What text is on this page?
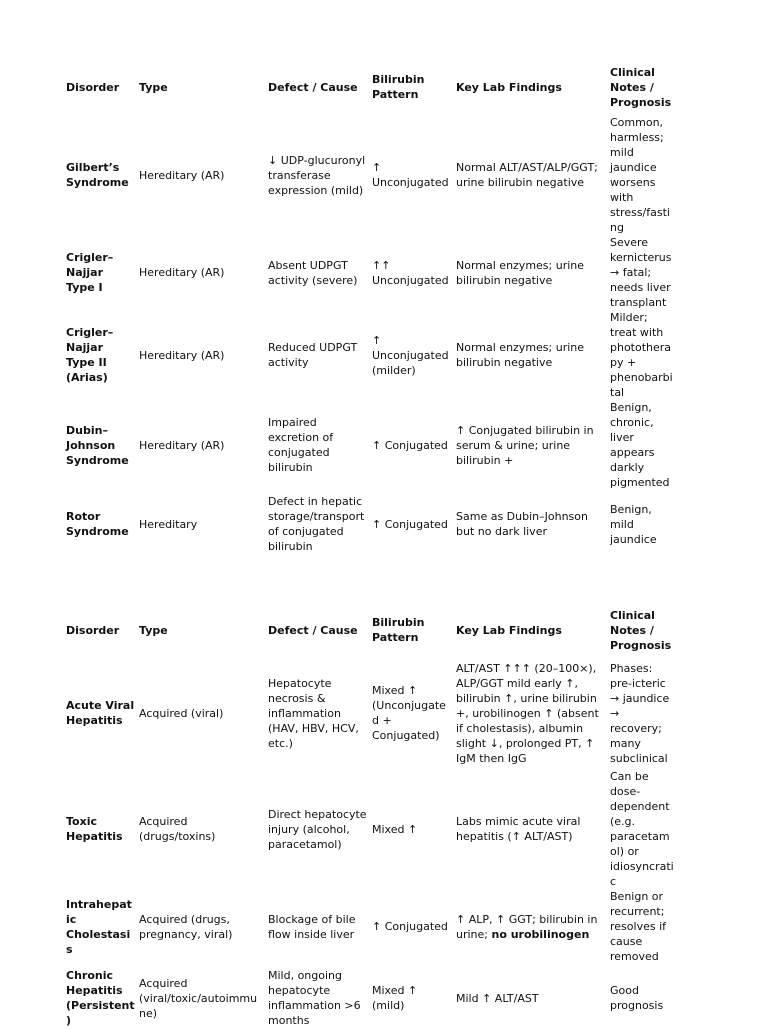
Disorder	Type	Defect / Cause	Bilirubin Pattern	Key Lab Findings	Clinical Notes / Prognosis
Gilbert’s Syndrome	Hereditary (AR)	↓ UDP-glucuronyl transferase expression (mild)	↑ Unconjugated	Normal ALT/AST/ALP/GGT; urine bilirubin negative	Common, harmless; mild jaundice worsens with stress/fasting
Crigler–Najjar Type I	Hereditary (AR)	Absent UDPGT activity (severe)	↑↑ Unconjugated	Normal enzymes; urine bilirubin negative	Severe kernicterus → fatal; needs liver transplant
Crigler–Najjar Type II (Arias)	Hereditary (AR)	Reduced UDPGT activity	↑ Unconjugated (milder)	Normal enzymes; urine bilirubin negative	Milder; treat with phototherapy + phenobarbital
Dubin–Johnson Syndrome	Hereditary (AR)	Impaired excretion of conjugated bilirubin	↑ Conjugated	↑ Conjugated bilirubin in serum & urine; urine bilirubin +	Benign, chronic, liver appears darkly pigmented
Rotor Syndrome	Hereditary	Defect in hepatic storage/transport of conjugated bilirubin	↑ Conjugated	Same as Dubin–Johnson but no dark liver	Benign, mild jaundice
Disorder	Type	Defect / Cause	Bilirubin Pattern	Key Lab Findings	Clinical Notes / Prognosis
Acute Viral Hepatitis	Acquired (viral)	Hepatocyte necrosis & inflammation (HAV, HBV, HCV, etc.)	Mixed ↑ (Unconjugated + Conjugated)	ALT/AST ↑↑↑ (20–100×), ALP/GGT mild early ↑, bilirubin ↑, urine bilirubin +, urobilinogen ↑ (absent if cholestasis), albumin slight ↓, prolonged PT, ↑ IgM then IgG	Phases: pre-icteric → jaundice → recovery; many subclinical
Toxic Hepatitis	Acquired (drugs/toxins)	Direct hepatocyte injury (alcohol, paracetamol)	Mixed ↑	Labs mimic acute viral hepatitis (↑ ALT/AST)	Can be dose-dependent (e.g. paracetamol) or idiosyncratic
Intrahepatic Cholestasis	Acquired (drugs, pregnancy, viral)	Blockage of bile flow inside liver	↑ Conjugated	↑ ALP, ↑ GGT; bilirubin in urine; no urobilinogen	Benign or recurrent; resolves if cause removed
Chronic Hepatitis (Persistent)	Acquired (viral/toxic/autoimmune)	Mild, ongoing hepatocyte inflammation >6 months	Mixed ↑ (mild)	Mild ↑ ALT/AST	Good prognosis
